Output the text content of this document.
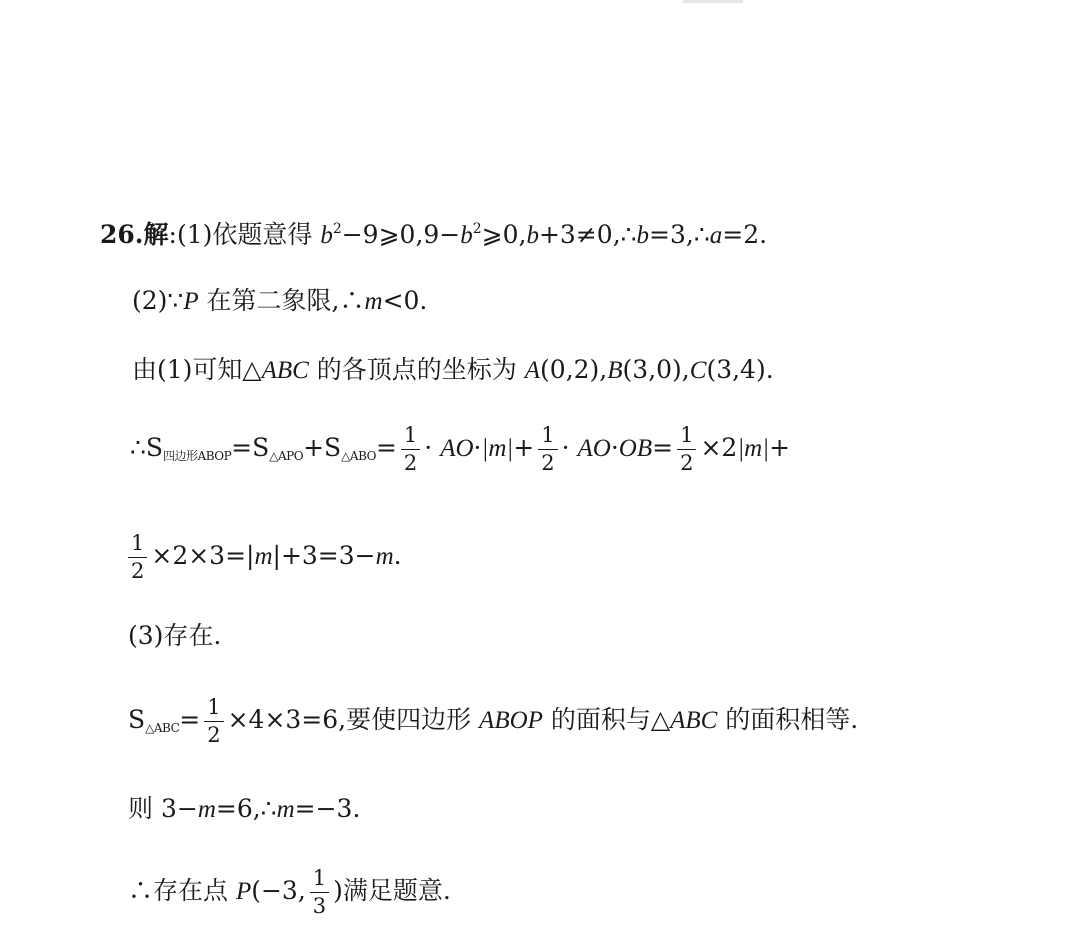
26.解:(1)依题意得 $b^2-9⩾0,9-b^2⩾0,b+3\ne 0,\therefore b=3,\therefore a=2$.
(2)∵P 在第二象限,∴m<0.
由(1)可知△ABC 的各顶点的坐标为 A(0,2),B(3,0),C(3,4).
$\therefore S_{四边形ABOP}=S_{\triangle APO}+S_{\triangle ABO}= \frac{1}{2} \cdot AO\cdot|m|+ \frac{1}{2} \cdot AO\cdot OB= \frac{1}{2} \times 2|m|+$
$\frac{1}{2} \times 2\times 3=|m|+3=3-m$.
(3)存在.
$S_{\triangle ABC}= \frac{1}{2} \times 4\times 3=6$,要使四边形 ABOP 的面积与△ABC 的面积相等.
则 3−m=6,∴m=−3.
∴存在点 P(−3, $\frac{1}{3}$ )满足题意.
